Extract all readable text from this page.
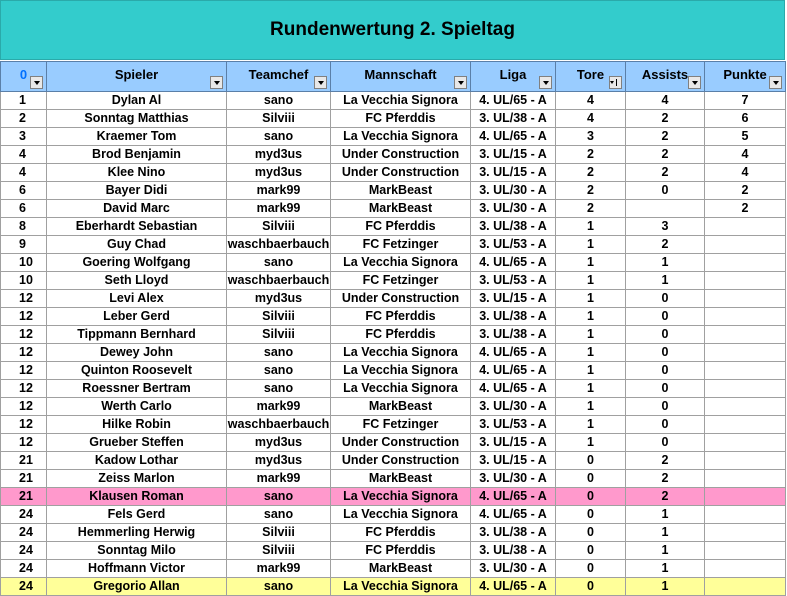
Rundenwertung 2. Spieltag
0	Spieler	Teamchef	Mannschaft	Liga	Tore	Assists	Punkte

1	Dylan Al	sano	La Vecchia Signora	4. UL/65 - A	4	4	7
2	Sonntag Matthias	Silviii	FC Pferddis	3. UL/38 - A	4	2	6
3	Kraemer Tom	sano	La Vecchia Signora	4. UL/65 - A	3	2	5
4	Brod Benjamin	myd3us	Under Construction	3. UL/15 - A	2	2	4
4	Klee Nino	myd3us	Under Construction	3. UL/15 - A	2	2	4
6	Bayer Didi	mark99	MarkBeast	3. UL/30 - A	2	0	2
6	David Marc	mark99	MarkBeast	3. UL/30 - A	2		2
8	Eberhardt Sebastian	Silviii	FC Pferddis	3. UL/38 - A	1	3	
9	Guy Chad	waschbaerbauch	FC Fetzinger	3. UL/53 - A	1	2	
10	Goering Wolfgang	sano	La Vecchia Signora	4. UL/65 - A	1	1	
10	Seth Lloyd	waschbaerbauch	FC Fetzinger	3. UL/53 - A	1	1	
12	Levi Alex	myd3us	Under Construction	3. UL/15 - A	1	0	
12	Leber Gerd	Silviii	FC Pferddis	3. UL/38 - A	1	0	
12	Tippmann Bernhard	Silviii	FC Pferddis	3. UL/38 - A	1	0	
12	Dewey John	sano	La Vecchia Signora	4. UL/65 - A	1	0	
12	Quinton Roosevelt	sano	La Vecchia Signora	4. UL/65 - A	1	0	
12	Roessner Bertram	sano	La Vecchia Signora	4. UL/65 - A	1	0	
12	Werth Carlo	mark99	MarkBeast	3. UL/30 - A	1	0	
12	Hilke Robin	waschbaerbauch	FC Fetzinger	3. UL/53 - A	1	0	
12	Grueber Steffen	myd3us	Under Construction	3. UL/15 - A	1	0	
21	Kadow Lothar	myd3us	Under Construction	3. UL/15 - A	0	2	
21	Zeiss Marlon	mark99	MarkBeast	3. UL/30 - A	0	2	
21	Klausen Roman	sano	La Vecchia Signora	4. UL/65 - A	0	2	
24	Fels Gerd	sano	La Vecchia Signora	4. UL/65 - A	0	1	
24	Hemmerling Herwig	Silviii	FC Pferddis	3. UL/38 - A	0	1	
24	Sonntag Milo	Silviii	FC Pferddis	3. UL/38 - A	0	1	
24	Hoffmann Victor	mark99	MarkBeast	3. UL/30 - A	0	1	
24	Gregorio Allan	sano	La Vecchia Signora	4. UL/65 - A	0	1	
